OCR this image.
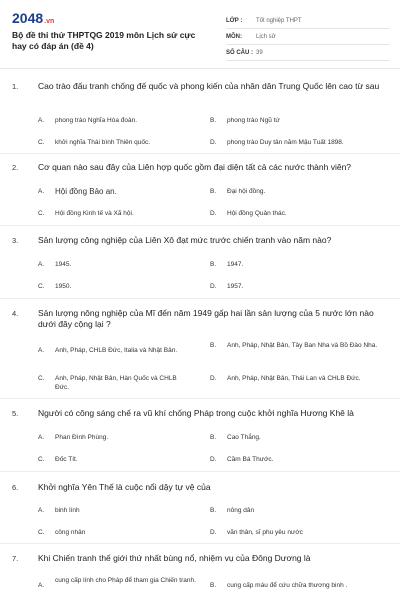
2048.vn
Bộ đề thi thử THPTQG 2019 môn Lịch sử cực hay có đáp án (đề 4)
LỚP :	Tốt nghiệp THPT
MÔN:	Lịch sử
SỐ CÂU : 39
1.	Cao trào đấu tranh chống đế quốc và phong kiến của nhân dân Trung Quốc lên cao từ sau
A. phong trào Nghĩa Hòa đoàn.	B. phong trào Ngũ tứ
C. khởi nghĩa Thái bình Thiên quốc.	D. phong trào Duy tân năm Mậu Tuất 1898.
2.	Cơ quan nào sau đây của Liên hợp quốc gồm đại diện tất cả các nước thành viên?
A. Hội đồng Bảo an.	B. Đại hội đồng.
C. Hội đồng Kinh tế và Xã hội.	D. Hội đồng Quản thác.
3.	Sản lượng công nghiệp của Liên Xô đạt mức trước chiến tranh vào năm nào?
A. 1945.	B. 1947.
C. 1950.	D. 1957.
4.	Sản lượng nông nghiệp của Mĩ đến năm 1949 gấp hai lần sản lượng của 5 nước lớn nào dưới đây cộng lại ?
A. Anh, Pháp, CHLB Đức, Italia và Nhật Bản.
B. Anh, Pháp, Nhật Bản, Tây Ban Nha và Bồ Đào Nha.
C. Anh, Pháp, Nhật Bản, Hàn Quốc và CHLB Đức.
D. Anh, Pháp, Nhật Bản, Thái Lan và CHLB Đức.
5.	Người có công sáng chế ra vũ khí chống Pháp trong cuộc khởi nghĩa Hương Khê là
A. Phan Đình Phùng.	B. Cao Thắng.
C. Đốc Tít.	D. Cầm Bá Thước.
6.	Khởi nghĩa Yên Thế là cuộc nổi dậy tự vệ của
A. binh lính	B. nông dân
C. công nhân	D. văn thân, sĩ phu yêu nước
7.	Khi Chiến tranh thế giới thứ nhất bùng nổ, nhiệm vụ của Đông Dương là
A.
cung cấp lính cho Pháp để tham gia Chiến tranh.
B. cung cấp máu để cứu chữa thương binh .
